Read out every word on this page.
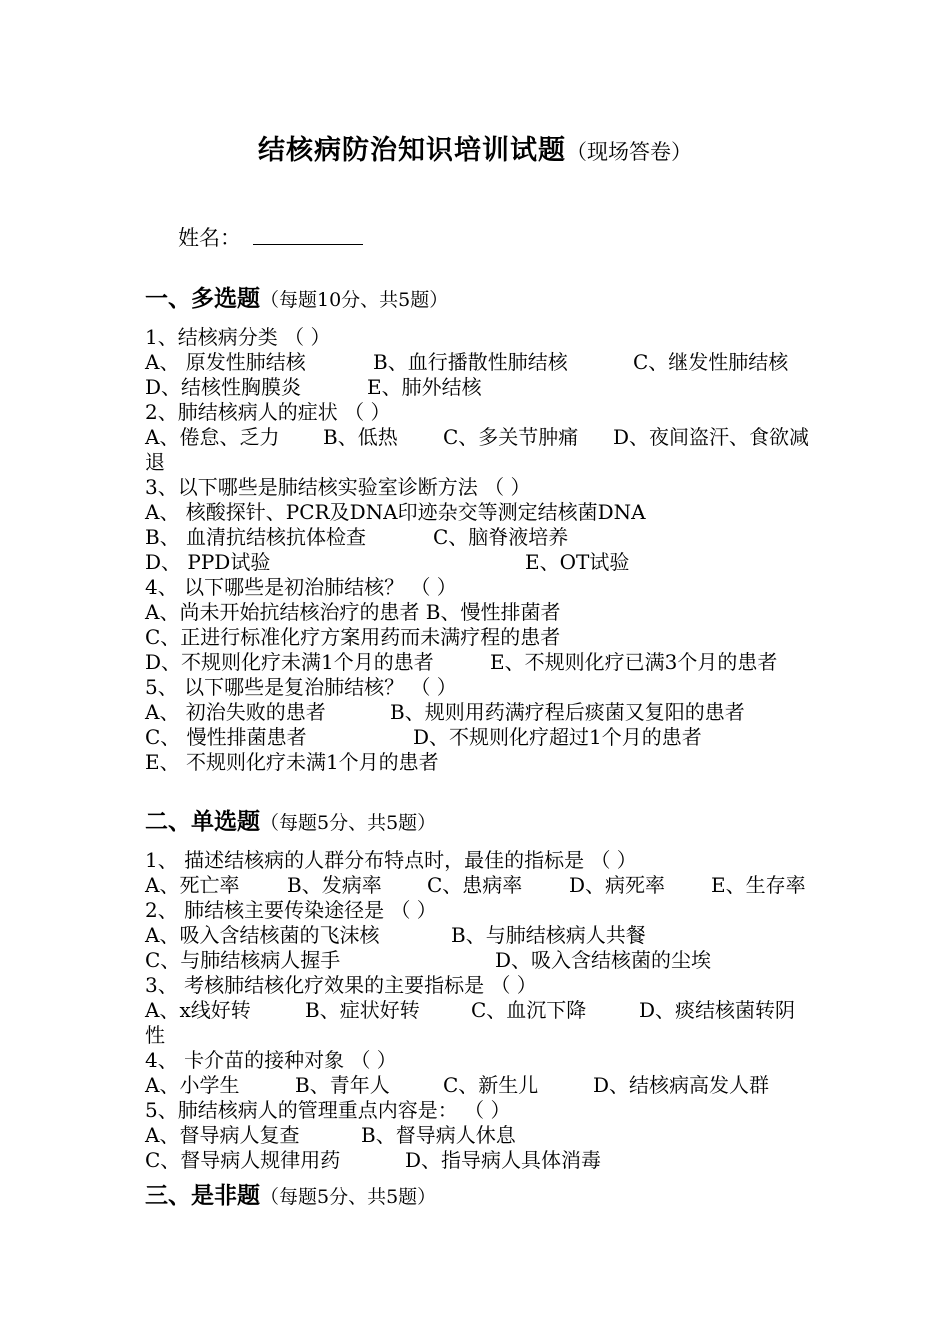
结核病防治知识培训试题（现场答卷）
姓名：
一、多选题（每题10分、共5题）
1、结核病分类 （ ）
A、 原发性肺结核	B、血行播散性肺结核	C、继发性肺结核
D、结核性胸膜炎	E、肺外结核
2、肺结核病人的症状 （ ）
A、倦怠、乏力 B、低热 C、多关节肿痛 D、夜间盗汗、食欲减
退
3、以下哪些是肺结核实验室诊断方法 （ ）
A、 核酸探针、PCR及DNA印迹杂交等测定结核菌DNA
B、 血清抗结核抗体检查	C、脑脊液培养
D、 PPD试验	E、OT试验
4、 以下哪些是初治肺结核？ （ ）
A、尚未开始抗结核治疗的患者 B、慢性排菌者
C、正进行标准化疗方案用药而未满疗程的患者
D、不规则化疗未满1个月的患者	E、不规则化疗已满3个月的患者
5、 以下哪些是复治肺结核？ （ ）
A、 初治失败的患者	B、规则用药满疗程后痰菌又复阳的患者
C、 慢性排菌患者	D、不规则化疗超过1个月的患者
E、 不规则化疗未满1个月的患者
二、单选题（每题5分、共5题）
1、 描述结核病的人群分布特点时，最佳的指标是 （ ）
A、死亡率 B、发病率 C、患病率 D、病死率 E、生存率
2、 肺结核主要传染途径是 （ ）
A、吸入含结核菌的飞沫核	B、与肺结核病人共餐
C、与肺结核病人握手	D、吸入含结核菌的尘埃
3、 考核肺结核化疗效果的主要指标是 （ ）
A、x线好转	B、症状好转	C、血沉下降	D、痰结核菌转阴
性
4、 卡介苗的接种对象 （ ）
A、小学生	B、青年人	C、新生儿	D、结核病高发人群
5、肺结核病人的管理重点内容是： （ ）
A、督导病人复查	B、督导病人休息
C、督导病人规律用药	D、指导病人具体消毒
三、是非题（每题5分、共5题）
